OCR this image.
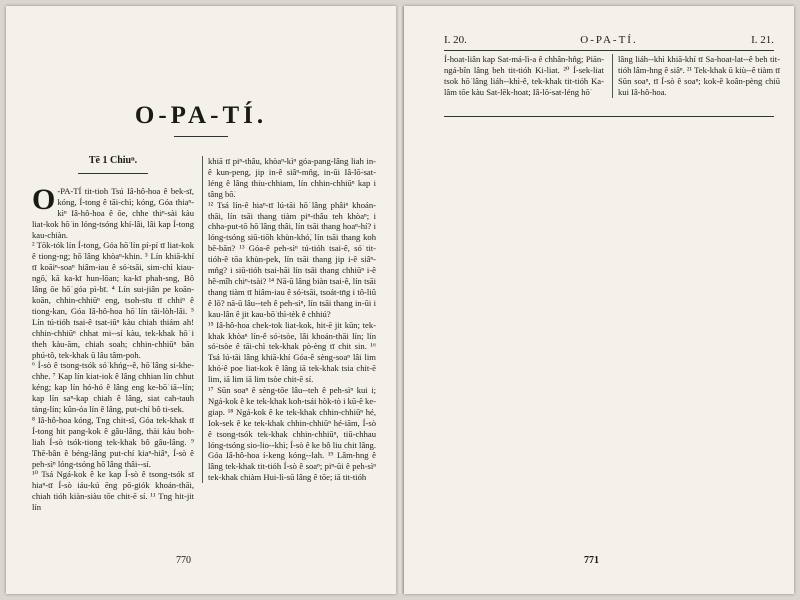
O-PA-TÍ.
Tē 1 Chiuⁿ.

O -PA-TÍ tit-tioh Tsú Iâ-hô-hoa ê bek-sī, kóng, Í-tong ê tāi-chì; kóng, Góa thiaⁿ-kìⁿ Iâ-hô-hoa ê ōe, chhe thiⁿ-sài kàu liat-kok hō͘ in lóng-tsóng khí-lâi, lâi kap Í-tong kau-chiàn.

² Tōk-tók lín Í-tong, Góa hō͘ lín pí-pí tī liat-kok ê tiong-ng; hō͘ lâng khòaⁿ-khin. ³ Lín khiā-khí tī koāiⁿ-soaⁿ hiâm-iau ê só͘-tsāi, sim-chì kiau-ngō͘, kā ka-kī hun-lōan; ka-kī phah-sng, Bô lâng ōe hō͘ góa pì-bī. ⁴ Lín sui-jiân pe koān-koān, chhin-chhiūⁿ eng, tsoh-sīu tī chhiⁿ ê tiong-kan, Góa Iâ-hô-hoa hō͘ lín tāi-lòh-lâi. ⁵ Lín tú-tióh tsai-ê tsat-iūⁿ kàu chiah thiám ah! chhin-chhiūⁿ chhat mi--sí kàu, tek-khak hō͘ i theh kàu-ām, chiah soah; chhin-chhiūⁿ bān phú-tô, tek-khak ū lâu tâm-poh.

⁶ Í-sò ê tsong-tsók só͘ khńg--ê, hō͘ lâng si-khe-chhe. ⁷ Kap lín kiat-iok ê lâng chhian lín chhut kéng; kap lín hó-hó ê lâng eng ke-bō͘ iā--lín; kap lín saⁿ-kap chiah ê lâng, siat cah-tauh tàng-lín; kûn-óa lín ê lâng, put-chí bô ti-sek.

⁸ Iâ-hô-hoa kóng, Tng chit-sî, Góa tek-khak tī Í-tong hit pang-kok ê gâu-lâng, thài kàu boh-liah Í-sò tsók-tiong tek-khak bô gâu-lâng. ⁹ Thē-bân ê béng-lâng put-chí kiaⁿ-hiâⁿ, Í-sò ê peh-sìⁿ lóng-tsóng hō͘ lâng thâi--sí.

¹⁰ Tsá Ngá-kok ê ke kap Í-sò ê tsong-tsók sī hiaⁿ-tī Í-sò iáu-kú ēng pō-giók khoán-thāi, chiah tióh kiàn-siàu tōe chit-ē sí. ¹¹ Tng hit-jit lín

khiā tī piⁿ-thâu, khòaⁿ-kìⁿ góa-pang-lâng liah in-ê kun-peng, jip in-ê siâⁿ-mn̂g, in-ūi Iâ-lō͘-sat-léng ê lâng thiu-chhiam, lín chhin-chhiūⁿ kap i tâng bō͘.

¹² Tsá lín-ê hiaⁿ-tī lú-tāi hō͘ lâng phâiⁿ khoán-thāi, lín tsāi thang tiàm piⁿ-thâu teh khòaⁿ; i chha-put-tō hō͘ lâng thâi, lín tsāi thang hoaⁿ-hí? i lóng-tsóng siū-tiōh khùn-khó͘, lín tsāi thang koh bē-bān? ¹³ Góa-ê peh-sìⁿ tú-tióh tsai-ê, só͘ tit-tióh-ê tōa khùn-pek, lín tsāi thang jip i-ê siâⁿ-mn̂g? i siū-tióh tsai-hāi lín tsāi thang chhiūⁿ i-ê hê-mîh chiⁿ-tsài? ¹⁴ Nā-ū lâng biàn tsai-ê, lín tsāi thang tiàm tī hiâm-iau ê só͘-tsāi, tsoát-tn̄g i tô-liû ê lō͘? nā-ū lâu--teh ê peh-sìⁿ, lín tsāi thang in-ūi i kau-lân ê jit kau-bō͘ thì-tèk ê chhiú?

¹⁵ Iâ-hô-hoa chek-tok liat-kok, hit-ē jit kūn; tek-khak khòaⁿ lín-ê só͘-tsòe, lâi khoán-thāi lín; lín só͘-tsòe ê tāi-chì tek-khak pò-èng tī chit sin. ¹⁶ Tsá lú-tāi lâng khiā-khí Góa-ê sèng-soaⁿ lâi lim khó͘-ê poe liat-kok ê lâng iā tek-khak tsia chit-ē lim, iā lim iā lim tsòe chit-ē sí.

¹⁷ Sūn soaⁿ ê sèng-tōe lâu--teh ê peh-sìⁿ kui i; Ngá-kok ê ke tek-khak koh-tsái hòk-tò i kū-ê ke-giap. ¹⁸ Ngá-kok ê ke tek-khak chhin-chhiūⁿ hé, Iok-sek ê ke tek-khak chhin-chhiūⁿ hé-iām, Í-sò ê tsong-tsók tek-khak chhin-chhiūⁿ, tiū-chhau lóng-tsóng sio-lio--khì; Í-sò ê ke bô liu chit lâng. Góa Iâ-hô-hoa í-keng kóng--lah. ¹⁹ Lâm-hng ê lâng tek-khak tit-tióh Í-sò ê soaⁿ; piⁿ-ūi ê peh-sìⁿ tek-khak chiàm Hui-lì-sū lâng ê tōe; iā tit-tióh

770
O-PA-TÍ.
I. 20.	I. 21.

Í-hoat-liân kap Sat-má-lì-a ê chhân-hn̂g; Piān-ngá-bîn lâng beh tit-tióh Ki-liat. ²⁰ Í-sek-liat tsok hō͘ lâng liáh--khì-ê, tek-khak tit-tióh Ka-lâm tōe kàu Sat-lēk-hoat; Iâ-lō͘-sat-léng hō͘

lâng liáh--khì khiā-khí tī Sa-hoat-lat--ê beh tit-tióh lâm-hng ê siâⁿ. ²¹ Tek-khak ū kiù--ê tiàm tī Sūn soaⁿ, tī Í-sò ê soaⁿ; kok-ê koân-pèng chiū kui Iâ-hô-hoa.

771
